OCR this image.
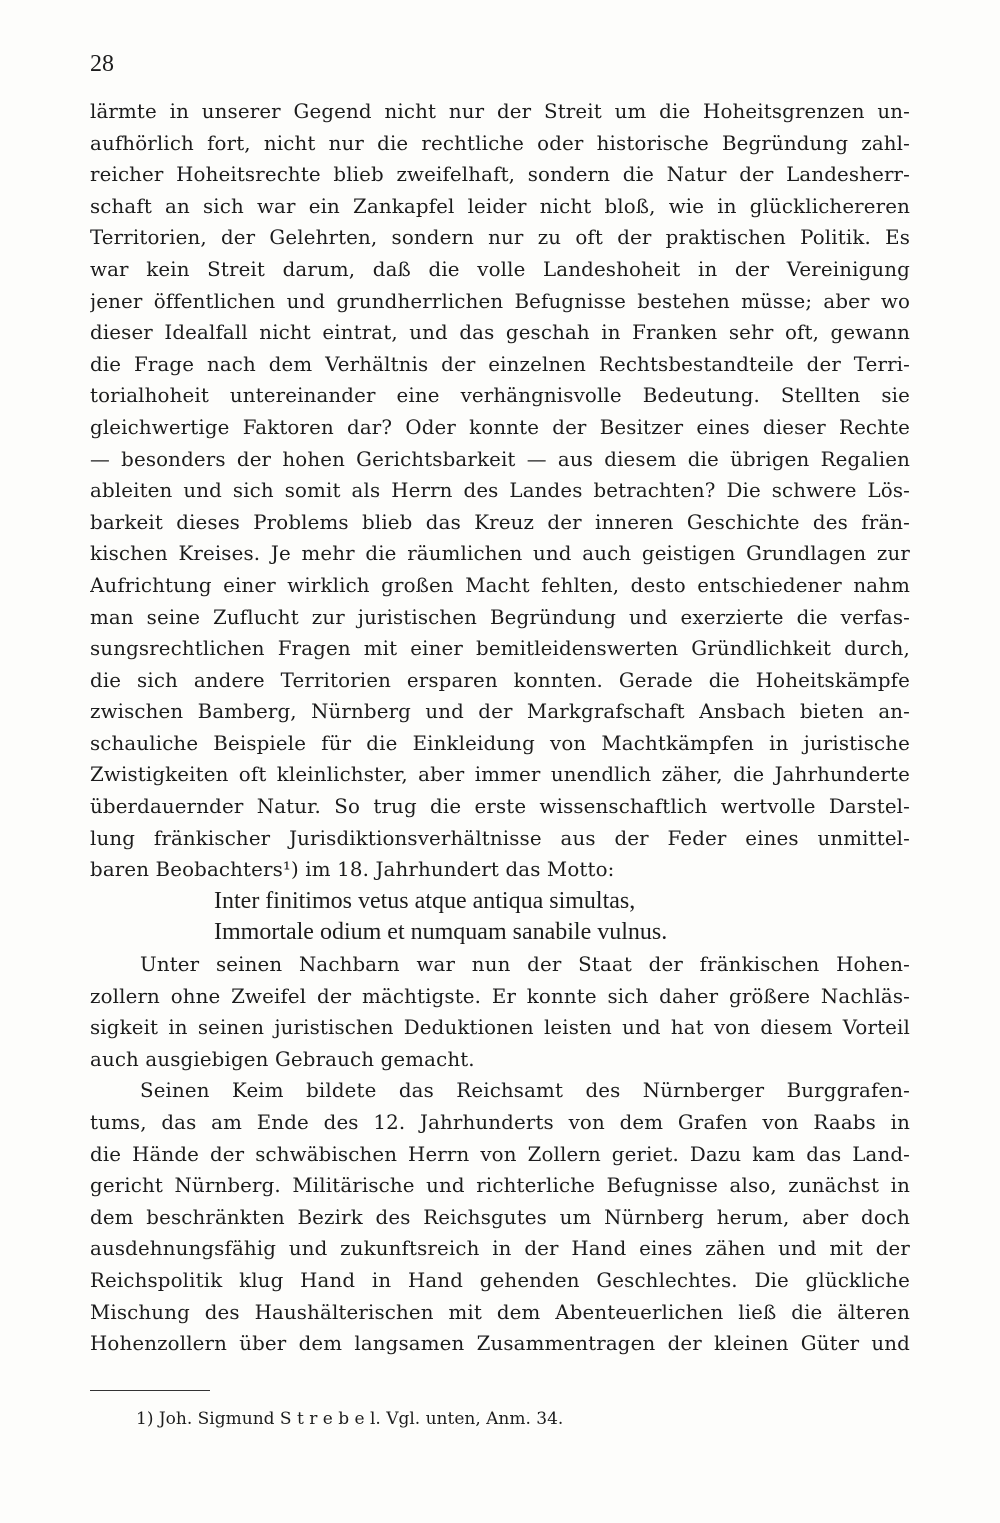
28
lärmte in unserer Gegend nicht nur der Streit um die Hoheitsgrenzen un-
aufhörlich fort, nicht nur die rechtliche oder historische Begründung zahl-
reicher Hoheitsrechte blieb zweifelhaft, sondern die Natur der Landesherr-
schaft an sich war ein Zankapfel leider nicht bloß, wie in glücklichereren
Territorien, der Gelehrten, sondern nur zu oft der praktischen Politik. Es
war kein Streit darum, daß die volle Landeshoheit in der Vereinigung
jener öffentlichen und grundherrlichen Befugnisse bestehen müsse; aber wo
dieser Idealfall nicht eintrat, und das geschah in Franken sehr oft, gewann
die Frage nach dem Verhältnis der einzelnen Rechtsbestandteile der Terri-
torialhoheit untereinander eine verhängnisvolle Bedeutung. Stellten sie
gleichwertige Faktoren dar? Oder konnte der Besitzer eines dieser Rechte
— besonders der hohen Gerichtsbarkeit — aus diesem die übrigen Regalien
ableiten und sich somit als Herrn des Landes betrachten? Die schwere Lös-
barkeit dieses Problems blieb das Kreuz der inneren Geschichte des frän-
kischen Kreises. Je mehr die räumlichen und auch geistigen Grundlagen zur
Aufrichtung einer wirklich großen Macht fehlten, desto entschiedener nahm
man seine Zuflucht zur juristischen Begründung und exerzierte die verfas-
sungsrechtlichen Fragen mit einer bemitleidenswerten Gründlichkeit durch,
die sich andere Territorien ersparen konnten. Gerade die Hoheitskämpfe
zwischen Bamberg, Nürnberg und der Markgrafschaft Ansbach bieten an-
schauliche Beispiele für die Einkleidung von Machtkämpfen in juristische
Zwistigkeiten oft kleinlichster, aber immer unendlich zäher, die Jahrhunderte
überdauernder Natur. So trug die erste wissenschaftlich wertvolle Darstel-
lung fränkischer Jurisdiktionsverhältnisse aus der Feder eines unmittel-
baren Beobachters¹) im 18. Jahrhundert das Motto:
Inter finitimos vetus atque antiqua simultas,
Immortale odium et numquam sanabile vulnus.
Unter seinen Nachbarn war nun der Staat der fränkischen Hohen-
zollern ohne Zweifel der mächtigste. Er konnte sich daher größere Nachläs-
sigkeit in seinen juristischen Deduktionen leisten und hat von diesem Vorteil
auch ausgiebigen Gebrauch gemacht.
Seinen Keim bildete das Reichsamt des Nürnberger Burggrafen-
tums, das am Ende des 12. Jahrhunderts von dem Grafen von Raabs in
die Hände der schwäbischen Herrn von Zollern geriet. Dazu kam das Land-
gericht Nürnberg. Militärische und richterliche Befugnisse also, zunächst in
dem beschränkten Bezirk des Reichsgutes um Nürnberg herum, aber doch
ausdehnungsfähig und zukunftsreich in der Hand eines zähen und mit der
Reichspolitik klug Hand in Hand gehenden Geschlechtes. Die glückliche
Mischung des Haushälterischen mit dem Abenteuerlichen ließ die älteren
Hohenzollern über dem langsamen Zusammentragen der kleinen Güter und
1) Joh. Sigmund S t r e b e l. Vgl. unten, Anm. 34.
